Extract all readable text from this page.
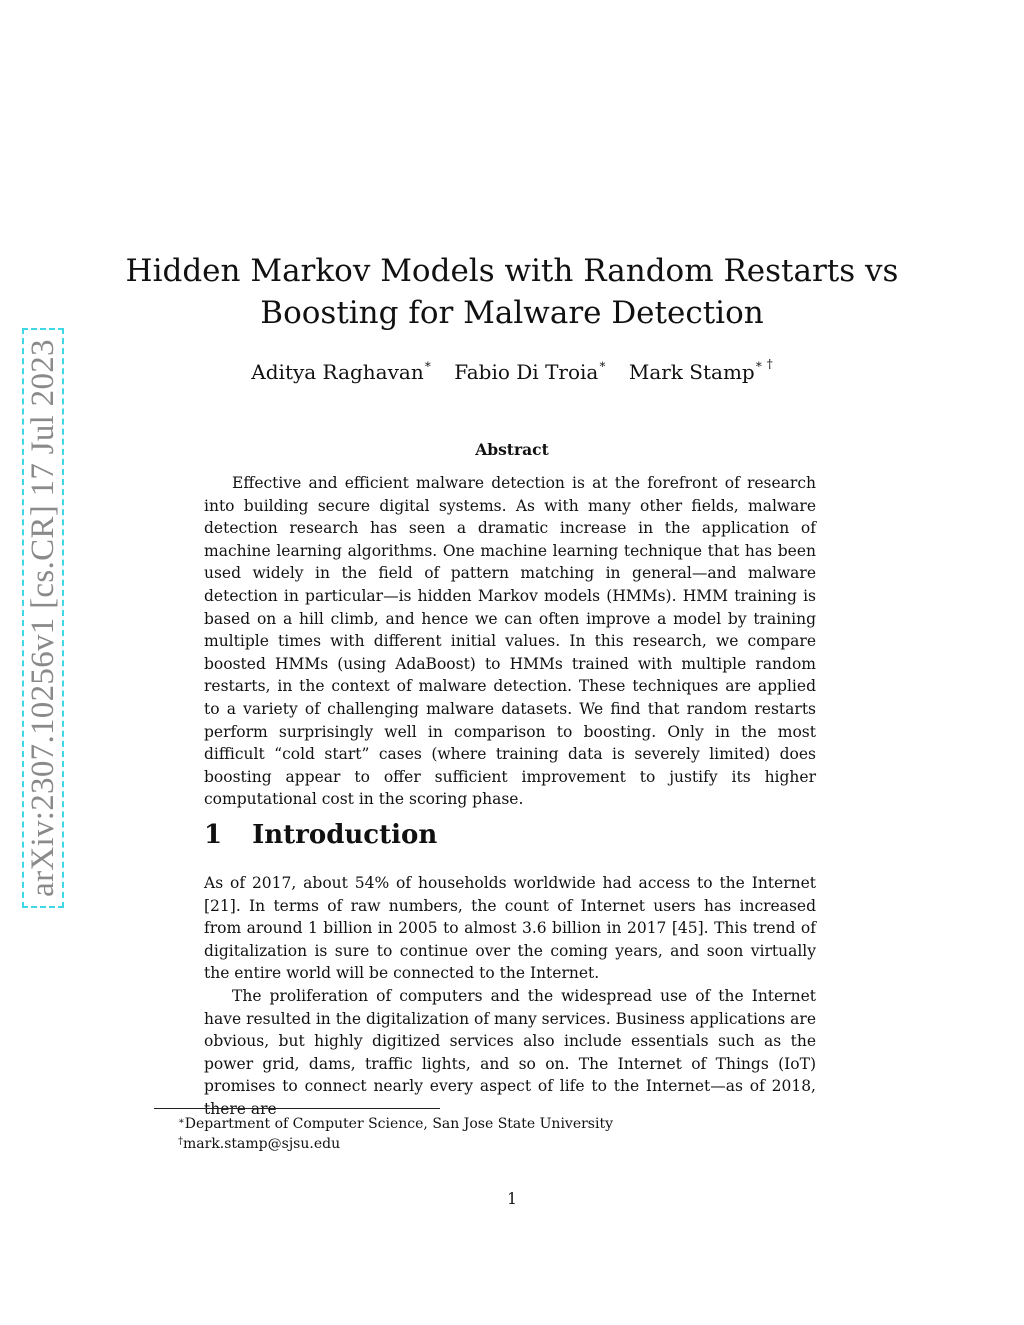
arXiv:2307.10256v1 [cs.CR] 17 Jul 2023
Hidden Markov Models with Random Restarts vs
Boosting for Malware Detection
Aditya Raghavan∗ Fabio Di Troia∗ Mark Stamp∗ †
Abstract
Effective and efficient malware detection is at the forefront of research into building secure digital systems. As with many other fields, malware detection research has seen a dramatic increase in the application of machine learning algorithms. One machine learning technique that has been used widely in the field of pattern matching in general—and malware detection in particular—is hidden Markov models (HMMs). HMM training is based on a hill climb, and hence we can often improve a model by training multiple times with different initial values. In this research, we compare boosted HMMs (using AdaBoost) to HMMs trained with multiple random restarts, in the context of malware detection. These techniques are applied to a variety of challenging malware datasets. We find that random restarts perform surprisingly well in comparison to boosting. Only in the most difficult “cold start” cases (where training data is severely limited) does boosting appear to offer sufficient improvement to justify its higher computational cost in the scoring phase.
1 Introduction

As of 2017, about 54% of households worldwide had access to the Internet [21]. In terms of raw numbers, the count of Internet users has increased from around 1 billion in 2005 to almost 3.6 billion in 2017 [45]. This trend of digitalization is sure to continue over the coming years, and soon virtually the entire world will be connected to the Internet.

The proliferation of computers and the widespread use of the Internet have resulted in the digitalization of many services. Business applications are obvious, but highly digitized services also include essentials such as the power grid, dams, traffic lights, and so on. The Internet of Things (IoT) promises to connect nearly every aspect of life to the Internet—as of 2018, there are

∗Department of Computer Science, San Jose State University
†mark.stamp@sjsu.edu
1
